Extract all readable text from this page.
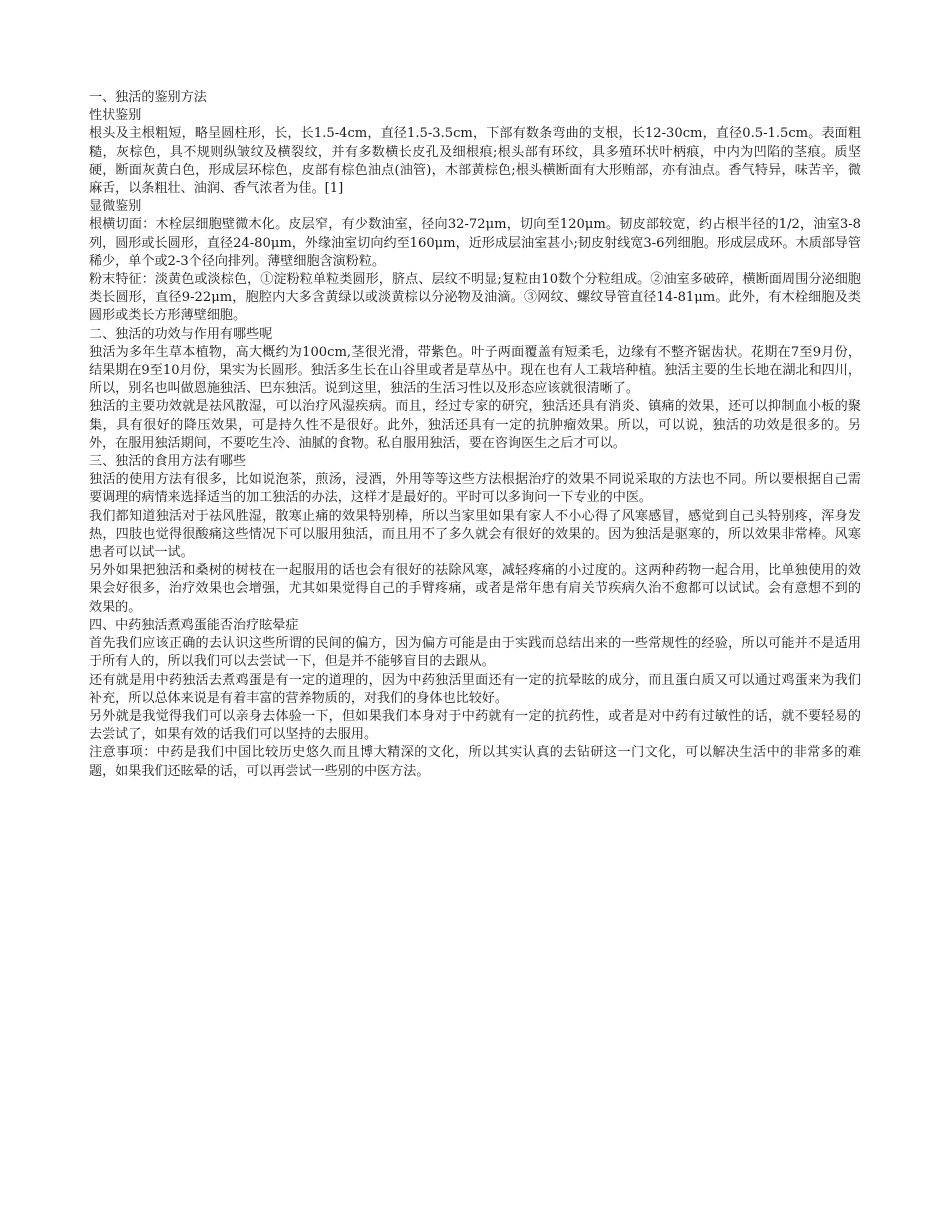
一、独活的鉴别方法
性状鉴别

根头及主根粗短，略呈圆柱形，长，长1.5-4cm，直径1.5-3.5cm，下部有数条弯曲的支根，长12-30cm，直径0.5-1.5cm。表面粗糙，灰棕色，具不规则纵皱纹及横裂纹，并有多数横长皮孔及细根痕;根头部有环纹，具多殖环状叶柄痕，中内为凹陷的茎痕。质坚硬，断面灰黄白色，形成层环棕色，皮部有棕色油点(油管)，木部黄棕色;根头横断面有大形贿部，亦有油点。香气特异，味苦辛，微麻舌，以条粗壮、油润、香气浓者为佳。[1]

显微鉴别

根横切面：木栓层细胞壁微木化。皮层窄，有少数油室，径向32-72μm，切向至120μm。韧皮部较宽，约占根半径的1/2，油室3-8列，圆形或长圆形，直径24-80μm，外缘油室切向约至160μm，近形成层油室甚小;韧皮射线宽3-6列细胞。形成层成环。木质部导管稀少，单个或2-3个径向排列。薄壁细胞含演粉粒。

粉末特征：淡黄色或淡棕色，①淀粉粒单粒类圆形，脐点、层纹不明显;复粒由10数个分粒组成。②油室多破碎，横断面周围分泌细胞类长圆形，直径9-22μm，胞腔内大多含黄绿以或淡黄棕以分泌物及油滴。③网纹、螺纹导管直径14-81μm。此外，有木栓细胞及类圆形或类长方形薄壁细胞。

二、独活的功效与作用有哪些呢

独活为多年生草本植物，高大概约为100cm,茎很光滑，带紫色。叶子两面覆盖有短柔毛，边缘有不整齐锯齿状。花期在7至9月份，结果期在9至10月份，果实为长圆形。独活多生长在山谷里或者是草丛中。现在也有人工栽培种植。独活主要的生长地在湖北和四川，所以，别名也叫做恩施独活、巴东独活。说到这里，独活的生活习性以及形态应该就很清晰了。

独活的主要功效就是祛风散湿，可以治疗风湿疾病。而且，经过专家的研究，独活还具有消炎、镇痛的效果，还可以抑制血小板的聚集，具有很好的降压效果，可是持久性不是很好。此外，独活还具有一定的抗肿瘤效果。所以，可以说，独活的功效是很多的。另外，在服用独活期间，不要吃生冷、油腻的食物。私自服用独活，要在咨询医生之后才可以。

三、独活的食用方法有哪些

独活的使用方法有很多，比如说泡茶，煎汤，浸酒，外用等等这些方法根据治疗的效果不同说采取的方法也不同。所以要根据自己需要调理的病情来选择适当的加工独活的办法，这样才是最好的。平时可以多询问一下专业的中医。

我们都知道独活对于祛风胜湿，散寒止痛的效果特别棒，所以当家里如果有家人不小心得了风寒感冒，感觉到自己头特别疼，浑身发热，四肢也觉得很酸痛这些情况下可以服用独活，而且用不了多久就会有很好的效果的。因为独活是驱寒的，所以效果非常棒。风寒患者可以试一试。

另外如果把独活和桑树的树枝在一起服用的话也会有很好的祛除风寒，减轻疼痛的小过度的。这两种药物一起合用，比单独使用的效果会好很多，治疗效果也会增强，尤其如果觉得自己的手臂疼痛，或者是常年患有肩关节疾病久治不愈都可以试试。会有意想不到的效果的。

四、中药独活煮鸡蛋能否治疗眩晕症

首先我们应该正确的去认识这些所谓的民间的偏方，因为偏方可能是由于实践而总结出来的一些常规性的经验，所以可能并不是适用于所有人的，所以我们可以去尝试一下，但是并不能够盲目的去跟从。

还有就是用中药独活去煮鸡蛋是有一定的道理的，因为中药独活里面还有一定的抗晕眩的成分，而且蛋白质又可以通过鸡蛋来为我们补充，所以总体来说是有着丰富的营养物质的，对我们的身体也比较好。

另外就是我觉得我们可以亲身去体验一下，但如果我们本身对于中药就有一定的抗药性，或者是对中药有过敏性的话，就不要轻易的去尝试了，如果有效的话我们可以坚持的去服用。

注意事项：中药是我们中国比较历史悠久而且博大精深的文化，所以其实认真的去钻研这一门文化，可以解决生活中的非常多的难题，如果我们还眩晕的话，可以再尝试一些别的中医方法。
